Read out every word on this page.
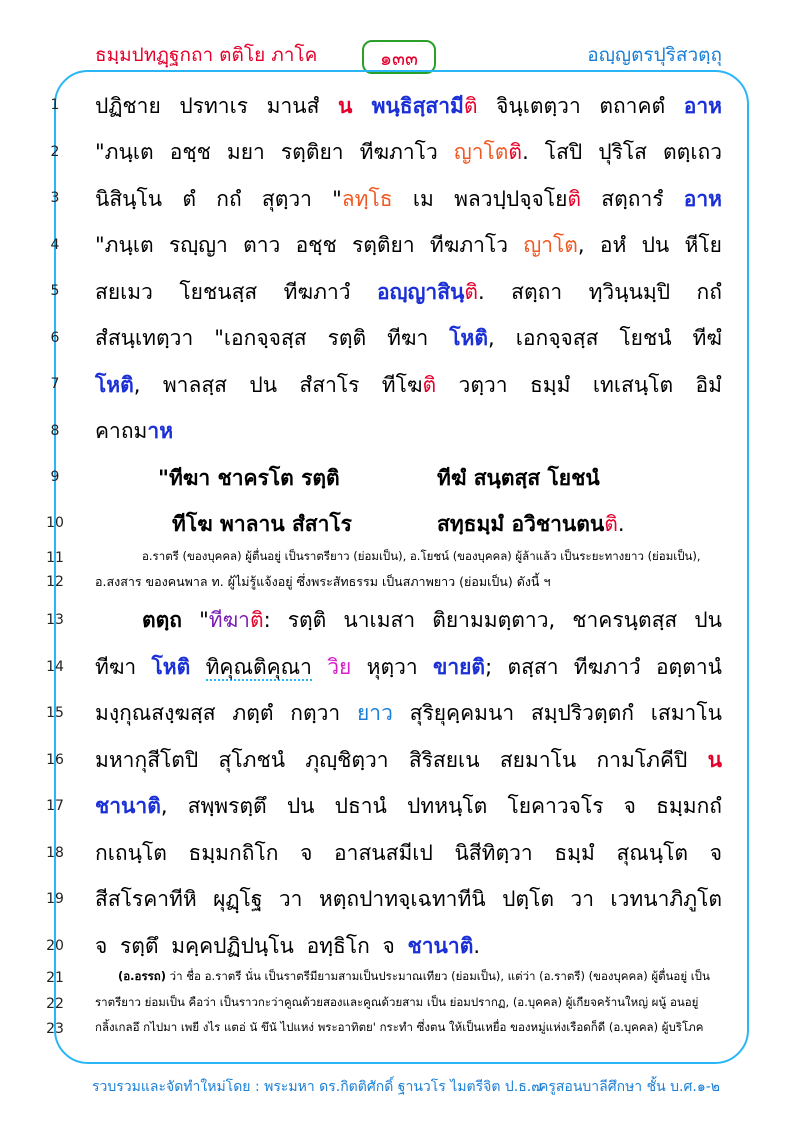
ธมฺมปทฏฺฐกถา ตติโย ภาโค	๑๓๓	อญฺญตรปุริสวตฺถุ
1
2
3
4
5
6
7
8
9
10
11
12
13
14
15
16
17
18
19
20
21
22
23
ปฏิชาย ปรทาเร มานสํ น พนฺธิสฺสามีติ จินฺเตตฺวา ตถาคตํ อาห
"ภนฺเต อชฺช มยา รตฺติยา ทีฆภาโว ญาโตติ. โสปิ ปุริโส ตตฺเถว
นิสินฺโน ตํ กถํ สุตฺวา "ลทฺโธ เม พลวปฺปจฺจโยติ สตฺถารํ อาห
"ภนฺเต รญฺญา ตาว อชฺช รตฺติยา ทีฆภาโว ญาโต, อหํ ปน หีโย
สยเมว โยชนสฺส ทีฆภาวํ อญฺญาสินฺติ. สตฺถา ทฺวินฺนมฺปิ กถํ
สํสนฺเทตฺวา "เอกจฺจสฺส รตฺติ ทีฆา โหติ, เอกจฺจสฺส โยชนํ ทีฆํ
โหติ, พาลสฺส ปน สํสาโร ทีโฆติ วตฺวา ธมฺมํ เทเสนฺโต อิมํ
คาถมาห
"ทีฆา ชาครโต รตฺติ	ทีฆํ สนฺตสฺส โยชนํ
ทีโฆ พาลาน สํสาโร	สทฺธมฺมํ อวิชานตนติ.
อ.ราตรี (ของบุคคล) ผู้ตื่นอยู่ เป็นราตรียาว (ย่อมเป็น), อ.โยชน์ (ของบุคคล) ผู้ล้าแล้ว เป็นระยะทางยาว (ย่อมเป็น),
อ.สงสาร ของคนพาล ท. ผู้ไม่รู้แจ้งอยู่ ซึ่งพระสัทธรรม เป็นสภาพยาว (ย่อมเป็น) ดังนี้ ฯ
ตตฺถ "ทีฆาติ: รตฺติ นาเมสา ติยามมตฺตาว, ชาครนฺตสฺส ปน
ทีฆา โหติ ทิคุณติคุณา วิย หุตฺวา ขายติ; ตสฺสา ทีฆภาวํ อตฺตานํ
มงฺกุณสงฺฆสฺส ภตฺตํ กตฺวา ยาว สุริยุคฺคมนา สมฺปริวตฺตกํ เสมาโน
มหากุสีโตปิ สุโภชนํ ภุญฺชิตฺวา สิริสยเน สยมาโน กามโภคีปิ น
ชานาติ, สพฺพรตฺตึ ปน ปธานํ ปทหนฺโต โยคาวจโร จ ธมฺมกถํ
กเถนฺโต ธมฺมกถิโก จ อาสนสมีเป นิสีทิตฺวา ธมฺมํ สุณนฺโต จ
สีสโรคาทีหิ ผุฏฺโฐ วา หตฺถปาทจฺเฉทาทีนิ ปตฺโต วา เวทนาภิภูโต
จ รตฺตึ มคฺคปฏิปนฺโน อทฺธิโก จ ชานาติ.
(อ.อรรถ) ว่า ชื่อ อ.ราตรี นั่น เป็นราตรีมียามสามเป็นประมาณเทียว (ย่อมเป็น), แต่ว่า (อ.ราตรี) (ของบุคคล) ผู้ตื่นอยู่ เป็น
ราตรียาว ย่อมเป็น คือว่า เป็นราวกะว่าคูณด้วยสองและคูณด้วยสาม เป็น ย่อมปรากฏ, (อ.บุคคล) ผู้เกียจคร้านใหญ่ ผนู้ อนอยู่
กลิ้งเกลอึ กไปมา เพยี งไร แตอ่ นั ขึนั ไปแหง่ พระอาทิตย' กระทำ ซึ่งตน ให้เป็นเหยื่อ ของหมู่แห่งเรือดก็ดี (อ.บุคคล) ผู้บริโภค
รวบรวมและจัดทำใหม่โดย : พระมหา ดร.กิตติศักดิ์ ฐานวโร ไมตรีจิต ป.ธ.๗
ครูสอนบาลีศึกษา ชั้น บ.ศ.๑-๒
